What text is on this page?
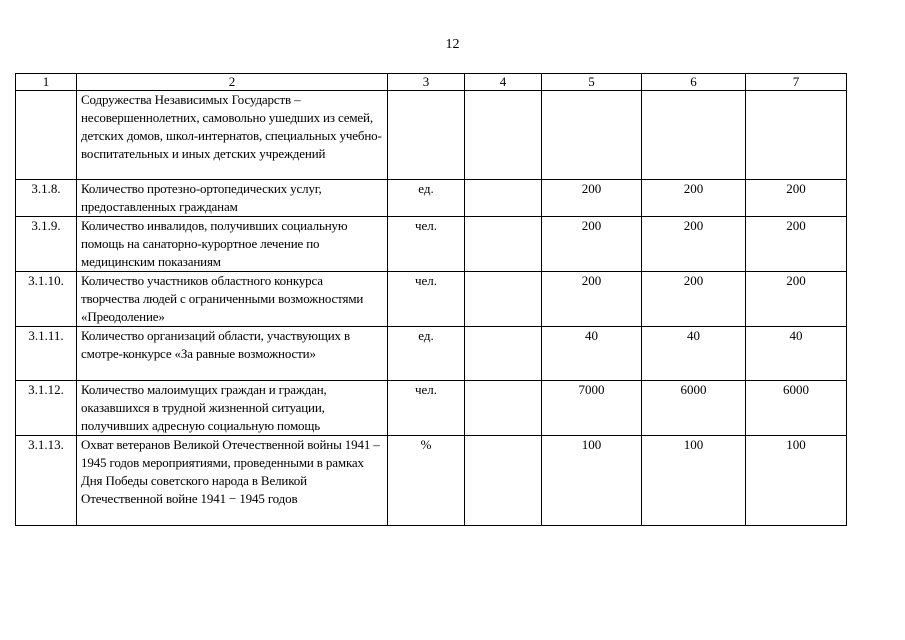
12
1	2	3	4	5	6	7
	Содружества Независимых Государств – несовершеннолетних, самовольно ушедших из семей, детских домов, школ-интернатов, специальных учебно-воспитательных и иных детских учреждений					
3.1.8.	Количество протезно-ортопедических услуг, предоставленных гражданам	ед.		200	200	200
3.1.9.	Количество инвалидов, получивших социальную помощь на санаторно-курортное лечение по медицинским показаниям	чел.		200	200	200
3.1.10.	Количество участников областного конкурса творчества людей с ограниченными возможностями «Преодоление»	чел.		200	200	200
3.1.11.	Количество организаций области, участвующих в смотре-конкурсе «За равные возможности»	ед.		40	40	40
3.1.12.	Количество малоимущих граждан и граждан, оказавшихся в трудной жизненной ситуации, получивших адресную социальную помощь	чел.		7000	6000	6000
3.1.13.	Охват ветеранов Великой Отечественной войны 1941 – 1945 годов мероприятиями, проведенными в рамках Дня Победы советского народа в Великой Отечественной войне 1941 − 1945 годов	%		100	100	100
